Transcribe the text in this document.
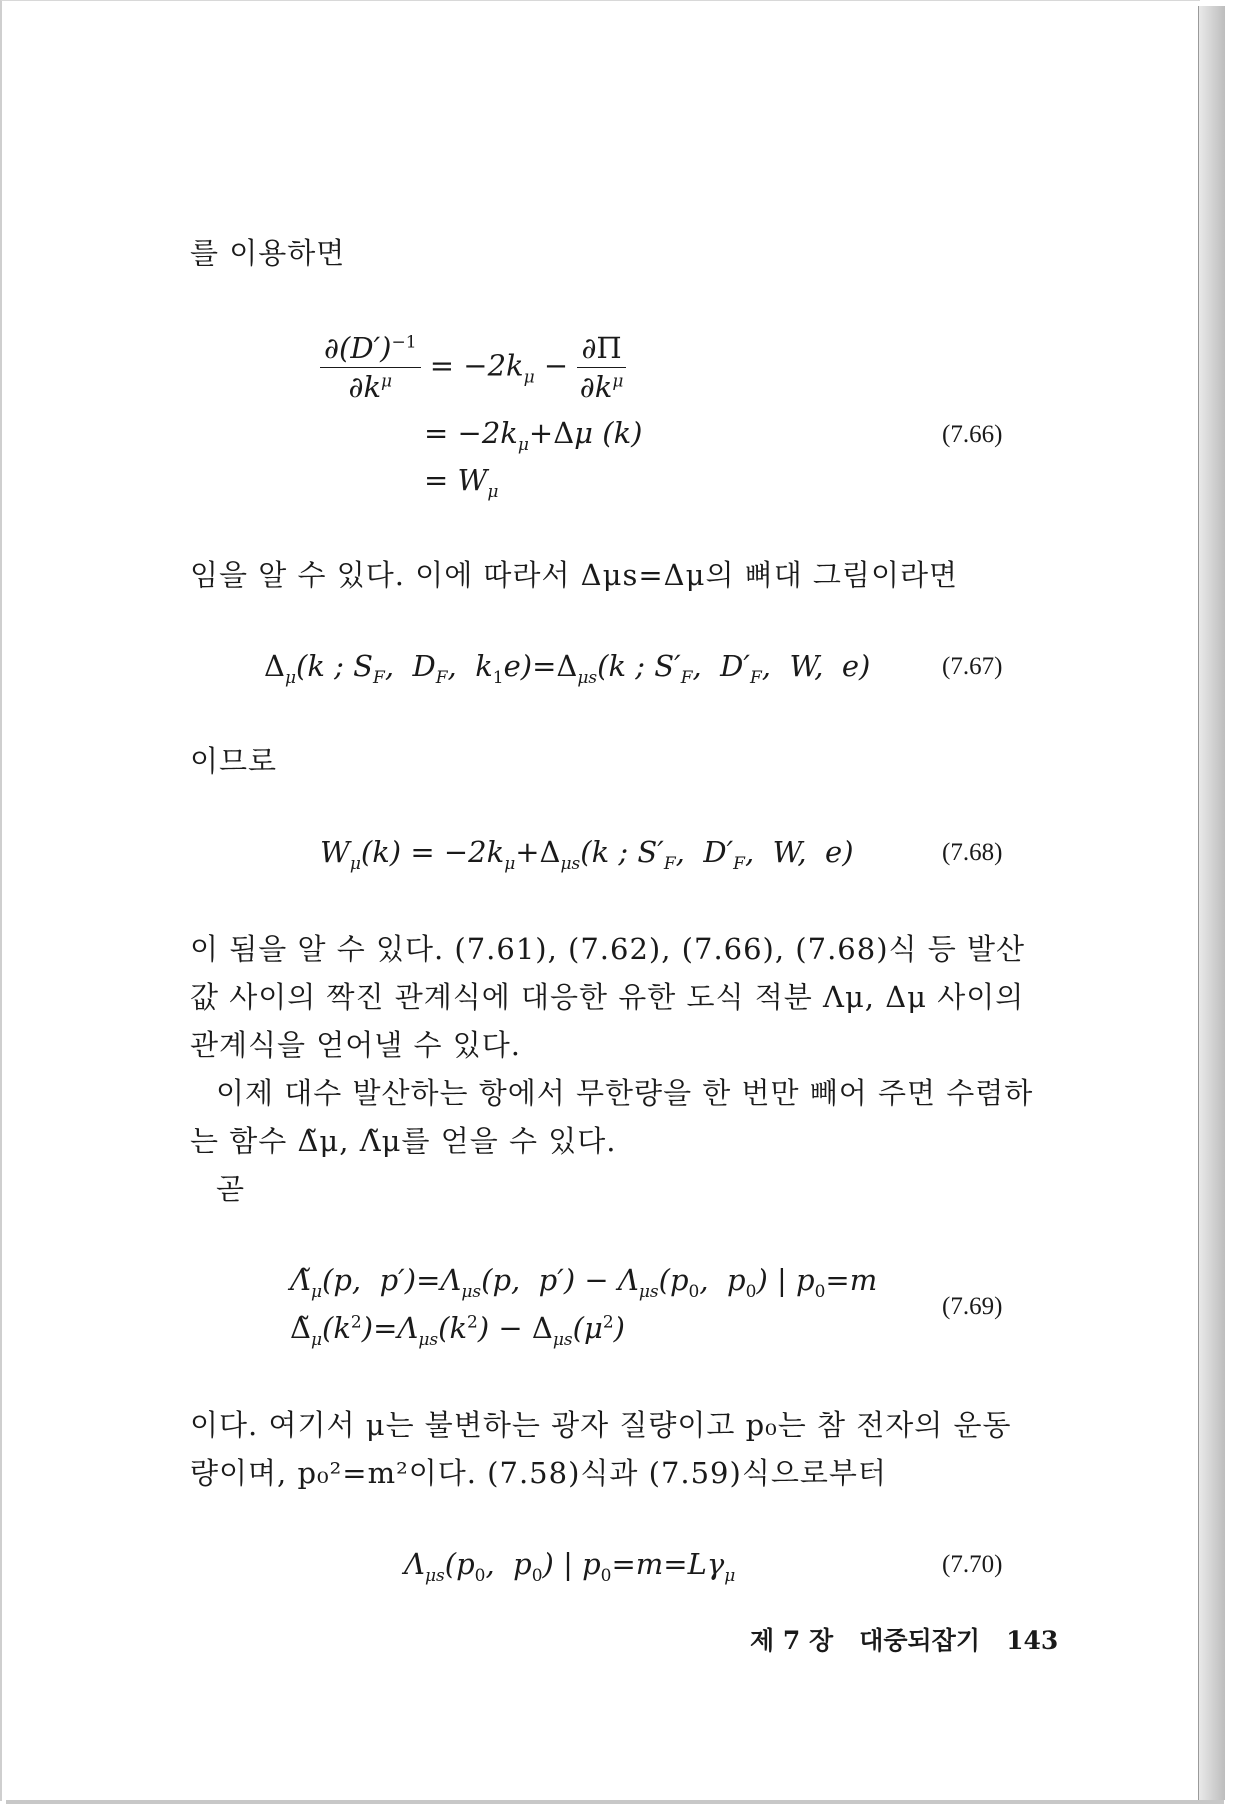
를 이용하면
$\frac{\partial(D')^{-1}}{\partial k^\mu} = -2k_\mu - \frac{\partial\Pi}{\partial k^\mu}$
= $-2k_\mu+\Delta\mu$ (k)	(7.66)
= $W_\mu$
임을 알 수 있다. 이에 따라서 Δμs=Δμ의 뼈대 그림이라면
$\Delta_\mu(k$ ; $S_F$,  $D_F$,  $k_1e)=\Delta_{\mu s}(k$ ; $S'_F$,  $D'_F$,  W,  e)	(7.67)
이므로
$W_\mu(k) = -2k_\mu+\Delta_{\mu s}(k$ ; $S'_F$,  $D'_F$,  W,  e)	(7.68)
이 됨을 알 수 있다. (7.61), (7.62), (7.66), (7.68)식 등 발산값 사이의 짝진 관계식에 대응한 유한 도식 적분 Λμ, Δμ 사이의 관계식을 얻어낼 수 있다.
이제 대수 발산하는 항에서 무한량을 한 번만 빼어 주면 수렴하는 함수 Δ̃μ, Λ̃μ를 얻을 수 있다.
곧
$\Lambdã_\mu(p$,  $p')=\Lambda_{\mu s}(p$,  $p') - \Lambda_{\mu s}(p_0$,  $p_0$) | $p_0=m$
$\Deltã_\mu(k^2)=\Lambda_{\mu s}(k^2) - \Delta_{\mu s}(\mu^2)$
(7.69)
이다. 여기서 μ는 불변하는 광자 질량이고 p₀는 참 전자의 운동량이며, p₀²=m²이다. (7.58)식과 (7.59)식으로부터
$\Lambda_{\mu s}(p_0$,  $p_0$) | $p_0=m=L\gamma_\mu$	(7.70)
제 7 장 대중되잡기 143
